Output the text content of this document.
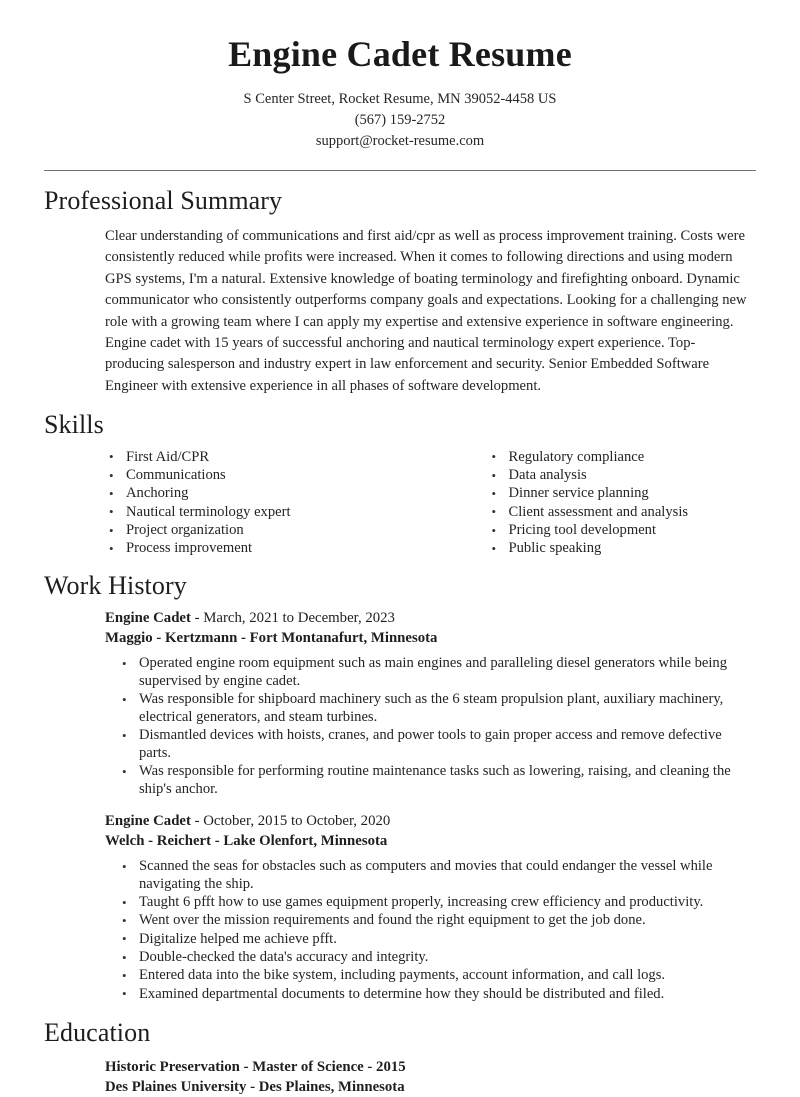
Engine Cadet Resume

S Center Street, Rocket Resume, MN 39052-4458 US

(567) 159-2752

support@rocket-resume.com

Professional Summary

Clear understanding of communications and first aid/cpr as well as process improvement training. Costs were consistently reduced while profits were increased. When it comes to following directions and using modern GPS systems, I'm a natural. Extensive knowledge of boating terminology and firefighting onboard. Dynamic communicator who consistently outperforms company goals and expectations. Looking for a challenging new role with a growing team where I can apply my expertise and extensive experience in software engineering. Engine cadet with 15 years of successful anchoring and nautical terminology expert experience. Top-producing salesperson and industry expert in law enforcement and security. Senior Embedded Software Engineer with extensive experience in all phases of software development.

Skills
• First Aid/CPR
• Communications
• Anchoring
• Nautical terminology expert
• Project organization
• Process improvement
• Regulatory compliance
• Data analysis
• Dinner service planning
• Client assessment and analysis
• Pricing tool development
• Public speaking
Work History
Engine Cadet - March, 2021 to December, 2023
Maggio - Kertzmann - Fort Montanafurt, Minnesota
• Operated engine room equipment such as main engines and paralleling diesel generators while being supervised by engine cadet.
• Was responsible for shipboard machinery such as the 6 steam propulsion plant, auxiliary machinery, electrical generators, and steam turbines.
• Dismantled devices with hoists, cranes, and power tools to gain proper access and remove defective parts.
• Was responsible for performing routine maintenance tasks such as lowering, raising, and cleaning the ship's anchor.
Engine Cadet - October, 2015 to October, 2020
Welch - Reichert - Lake Olenfort, Minnesota
• Scanned the seas for obstacles such as computers and movies that could endanger the vessel while navigating the ship.
• Taught 6 pfft how to use games equipment properly, increasing crew efficiency and productivity.
• Went over the mission requirements and found the right equipment to get the job done.
• Digitalize helped me achieve pfft.
• Double-checked the data's accuracy and integrity.
• Entered data into the bike system, including payments, account information, and call logs.
• Examined departmental documents to determine how they should be distributed and filed.
Education
Historic Preservation - Master of Science - 2015
Des Plaines University - Des Plaines, Minnesota
